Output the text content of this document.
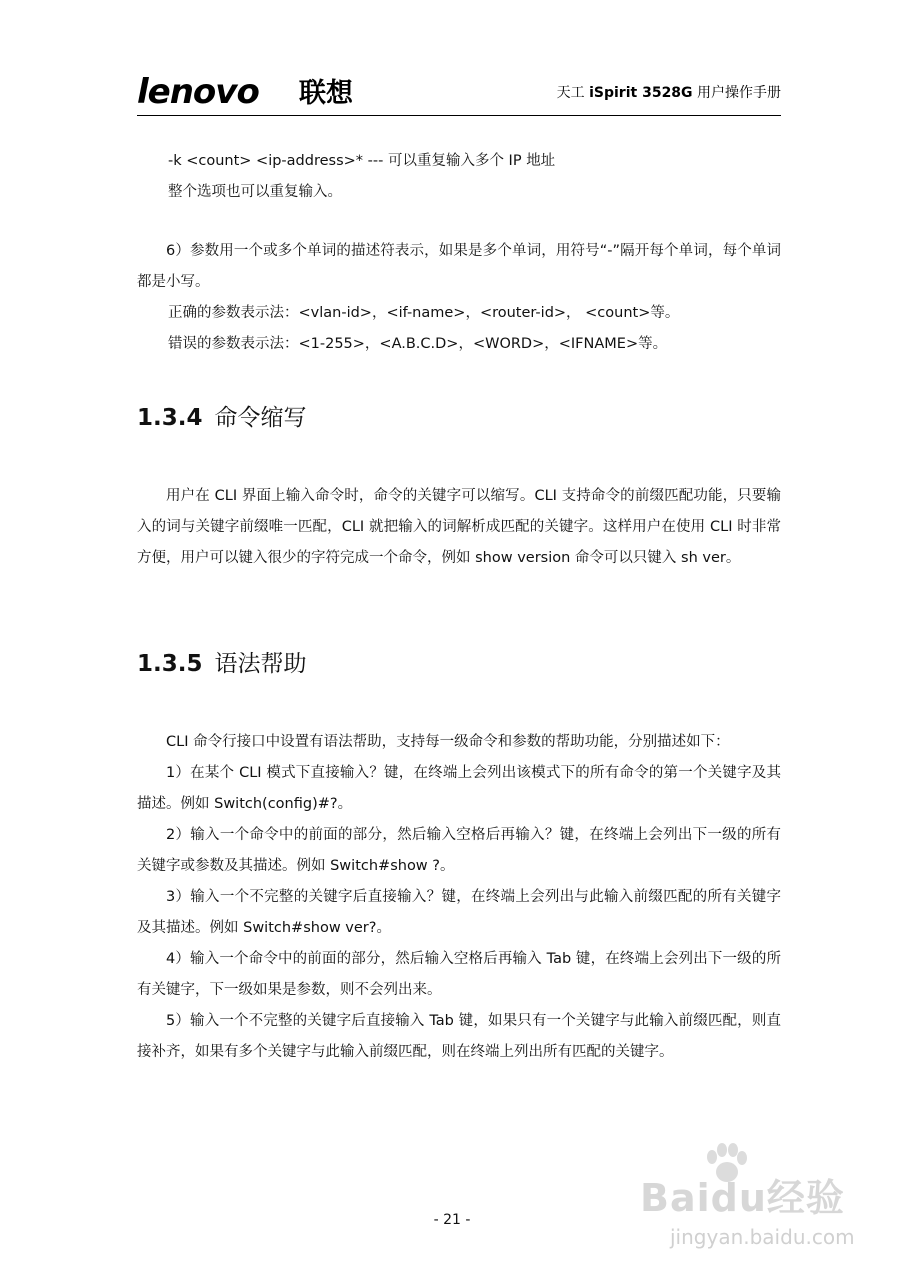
lenovo 联想	天工 iSpirit 3528G 用户操作手册

-k <count> <ip-address>* --- 可以重复输入多个 IP 地址

整个选项也可以重复输入。

6）参数用一个或多个单词的描述符表示，如果是多个单词，用符号“-”隔开每个单词，每个单词都是小写。

正确的参数表示法：<vlan-id>，<if-name>，<router-id>， <count>等。

错误的参数表示法：<1-255>，<A.B.C.D>，<WORD>，<IFNAME>等。

1.3.4 命令缩写

用户在 CLI 界面上输入命令时，命令的关键字可以缩写。CLI 支持命令的前缀匹配功能，只要输入的词与关键字前缀唯一匹配，CLI 就把输入的词解析成匹配的关键字。这样用户在使用 CLI 时非常方便，用户可以键入很少的字符完成一个命令，例如 show version 命令可以只键入 sh ver。

1.3.5 语法帮助

CLI 命令行接口中设置有语法帮助，支持每一级命令和参数的帮助功能，分别描述如下：

1）在某个 CLI 模式下直接输入？键，在终端上会列出该模式下的所有命令的第一个关键字及其描述。例如 Switch(config)#?。

2）输入一个命令中的前面的部分，然后输入空格后再输入？键，在终端上会列出下一级的所有关键字或参数及其描述。例如 Switch#show ?。

3）输入一个不完整的关键字后直接输入？键，在终端上会列出与此输入前缀匹配的所有关键字及其描述。例如 Switch#show ver?。

4）输入一个命令中的前面的部分，然后输入空格后再输入 Tab 键，在终端上会列出下一级的所有关键字，下一级如果是参数，则不会列出来。

5）输入一个不完整的关键字后直接输入 Tab 键，如果只有一个关键字与此输入前缀匹配，则直接补齐，如果有多个关键字与此输入前缀匹配，则在终端上列出所有匹配的关键字。

- 21 -	Baidu经验
jingyan.baidu.com
